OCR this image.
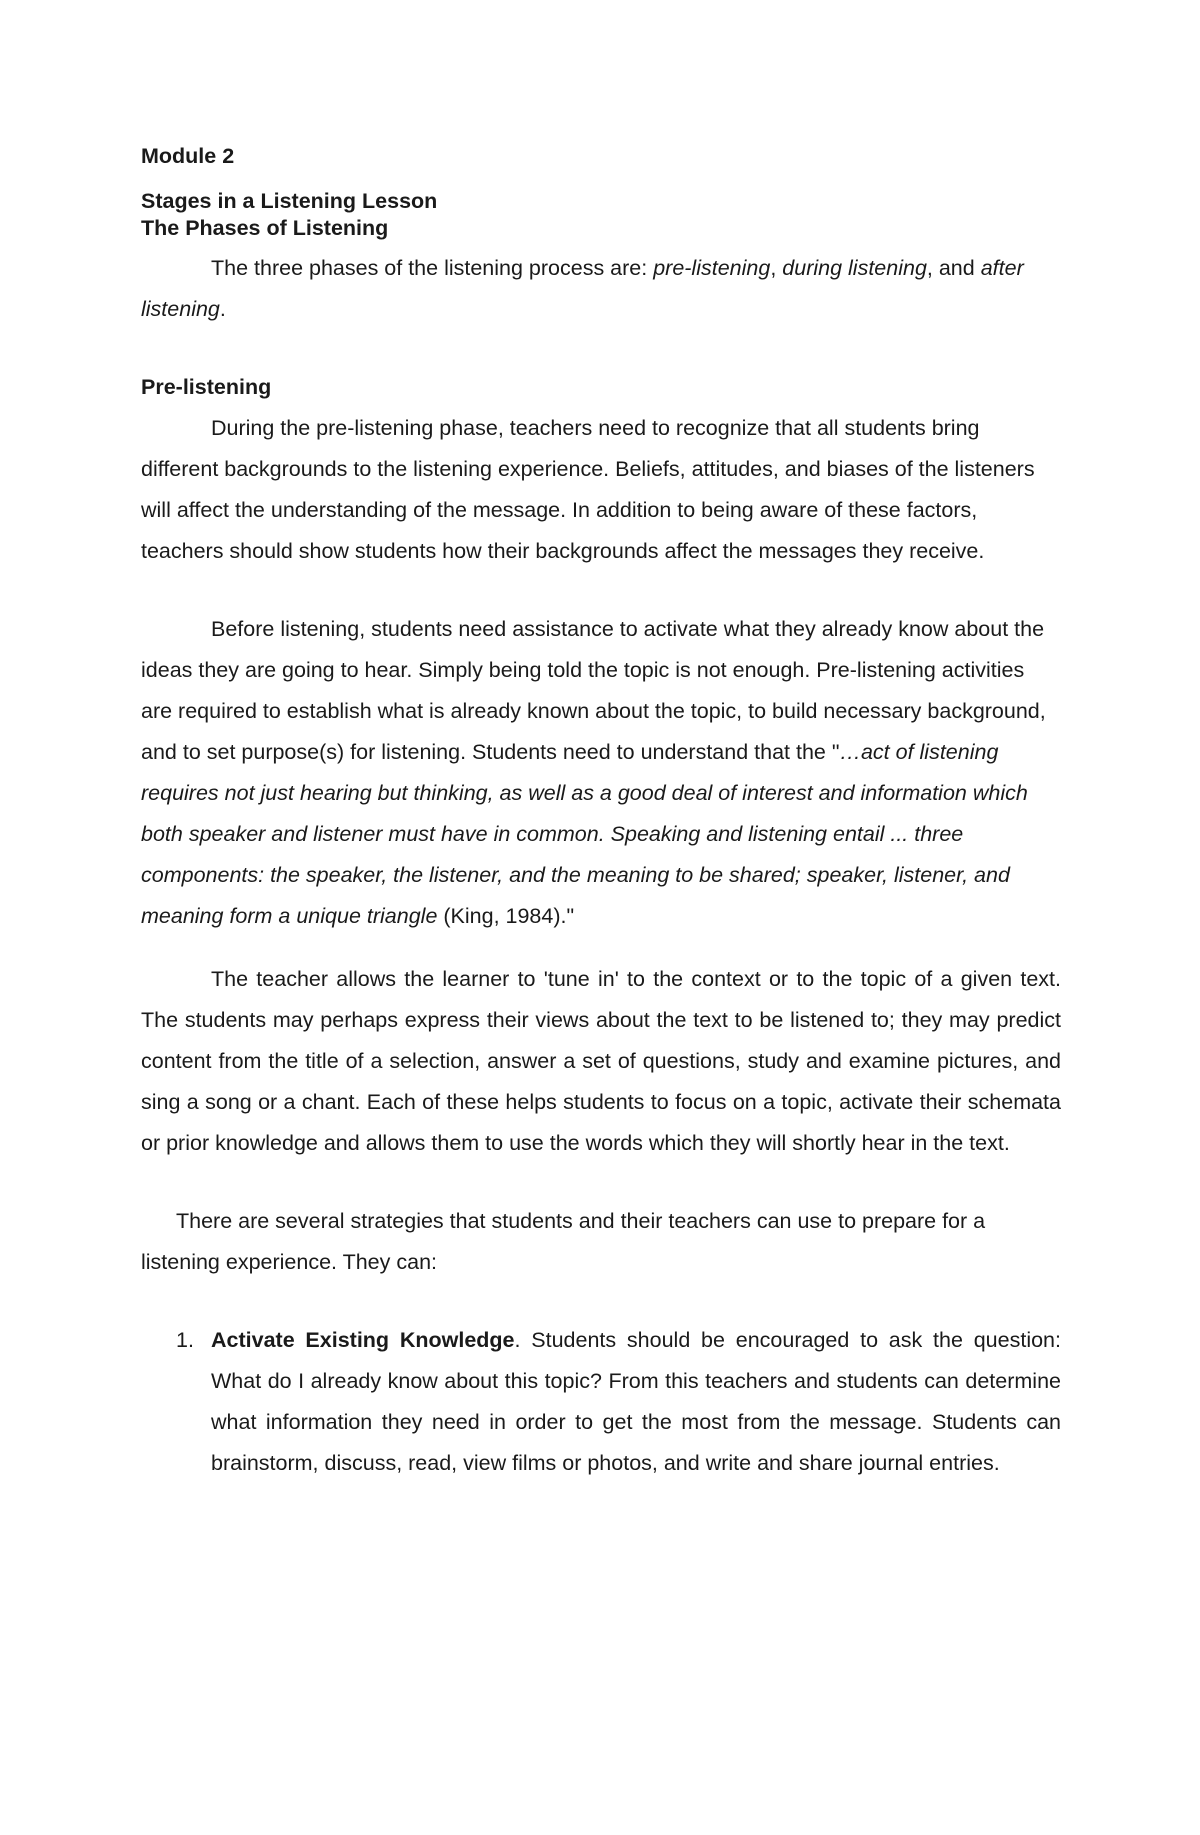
Module 2

Stages in a Listening Lesson

The Phases of Listening

The three phases of the listening process are: pre-listening, during listening, and after listening.

Pre-listening

During the pre-listening phase, teachers need to recognize that all students bring different backgrounds to the listening experience. Beliefs, attitudes, and biases of the listeners will affect the understanding of the message. In addition to being aware of these factors, teachers should show students how their backgrounds affect the messages they receive.

Before listening, students need assistance to activate what they already know about the ideas they are going to hear. Simply being told the topic is not enough. Pre-listening activities are required to establish what is already known about the topic, to build necessary background, and to set purpose(s) for listening. Students need to understand that the "…act of listening requires not just hearing but thinking, as well as a good deal of interest and information which both speaker and listener must have in common. Speaking and listening entail ... three components: the speaker, the listener, and the meaning to be shared; speaker, listener, and meaning form a unique triangle (King, 1984)."

The teacher allows the learner to 'tune in' to the context or to the topic of a given text. The students may perhaps express their views about the text to be listened to; they may predict content from the title of a selection, answer a set of questions, study and examine pictures, and sing a song or a chant. Each of these helps students to focus on a topic, activate their schemata or prior knowledge and allows them to use the words which they will shortly hear in the text.

There are several strategies that students and their teachers can use to prepare for a listening experience. They can:

1. Activate Existing Knowledge. Students should be encouraged to ask the question: What do I already know about this topic? From this teachers and students can determine what information they need in order to get the most from the message. Students can brainstorm, discuss, read, view films or photos, and write and share journal entries.
